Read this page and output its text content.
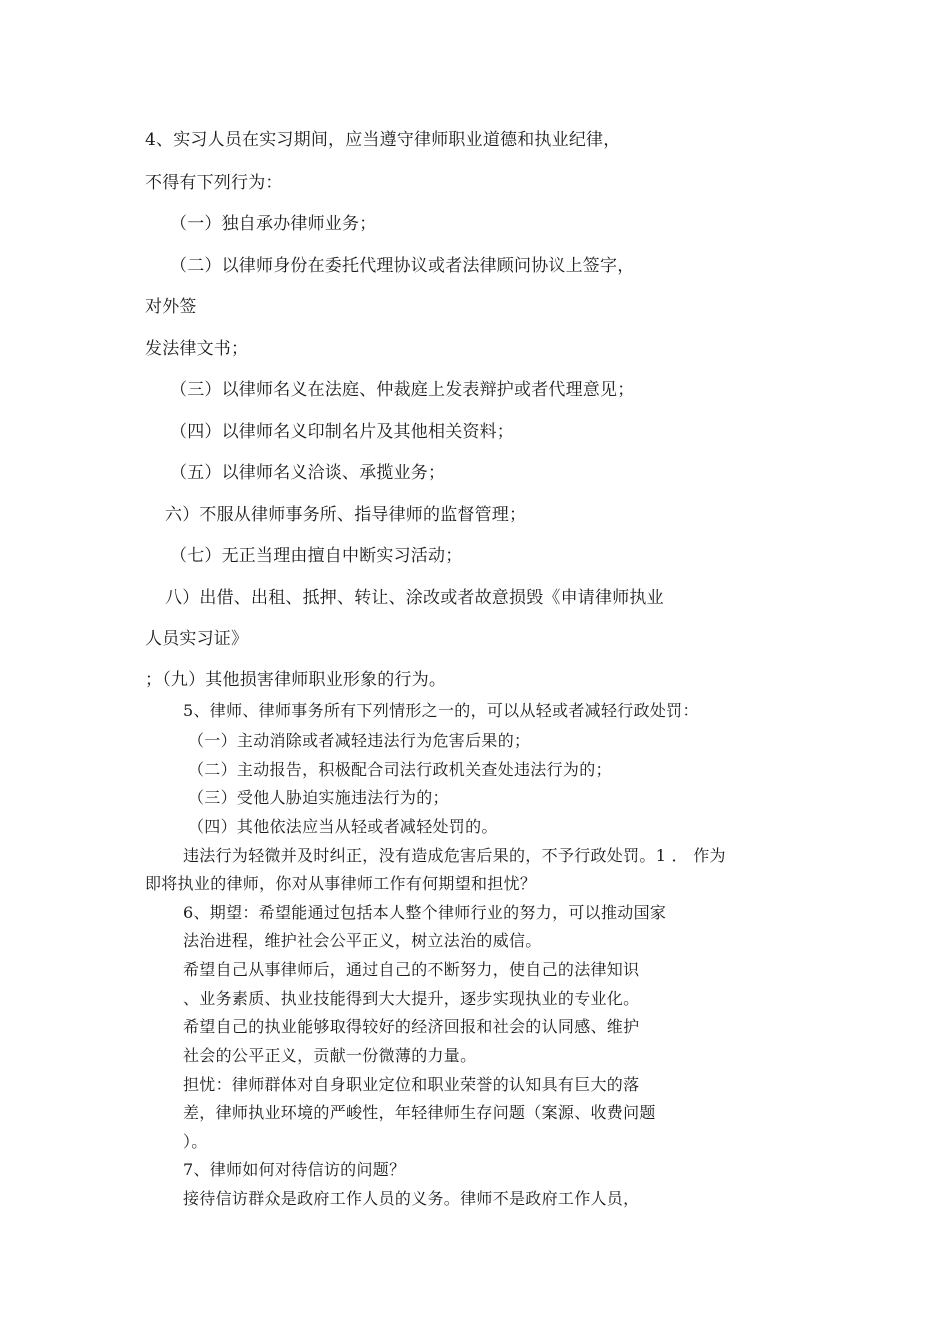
4、实习人员在实习期间，应当遵守律师职业道德和执业纪律，
不得有下列行为：
（一）独自承办律师业务；
（二）以律师身份在委托代理协议或者法律顾问协议上签字，
对外签
发法律文书；
（三）以律师名义在法庭、仲裁庭上发表辩护或者代理意见；
（四）以律师名义印制名片及其他相关资料；
（五）以律师名义洽谈、承揽业务；
六）不服从律师事务所、指导律师的监督管理；
（七）无正当理由擅自中断实习活动；
八）出借、出租、抵押、转让、涂改或者故意损毁《申请律师执业
人员实习证》
；（九）其他损害律师职业形象的行为。
5、律师、律师事务所有下列情形之一的，可以从轻或者减轻行政处罚：
（一）主动消除或者减轻违法行为危害后果的；
（二）主动报告，积极配合司法行政机关查处违法行为的；
（三）受他人胁迫实施违法行为的；
（四）其他依法应当从轻或者减轻处罚的。
违法行为轻微并及时纠正，没有造成危害后果的，不予行政处罚。1 ． 作为
即将执业的律师，你对从事律师工作有何期望和担忧？
6、期望：希望能通过包括本人整个律师行业的努力，可以推动国家
法治进程，维护社会公平正义，树立法治的威信。
希望自己从事律师后，通过自己的不断努力，使自己的法律知识
、业务素质、执业技能得到大大提升，逐步实现执业的专业化。
希望自己的执业能够取得较好的经济回报和社会的认同感、维护
社会的公平正义，贡献一份微薄的力量。
担忧：律师群体对自身职业定位和职业荣誉的认知具有巨大的落
差，律师执业环境的严峻性，年轻律师生存问题（案源、收费问题
）。
7、律师如何对待信访的问题？
接待信访群众是政府工作人员的义务。律师不是政府工作人员，
